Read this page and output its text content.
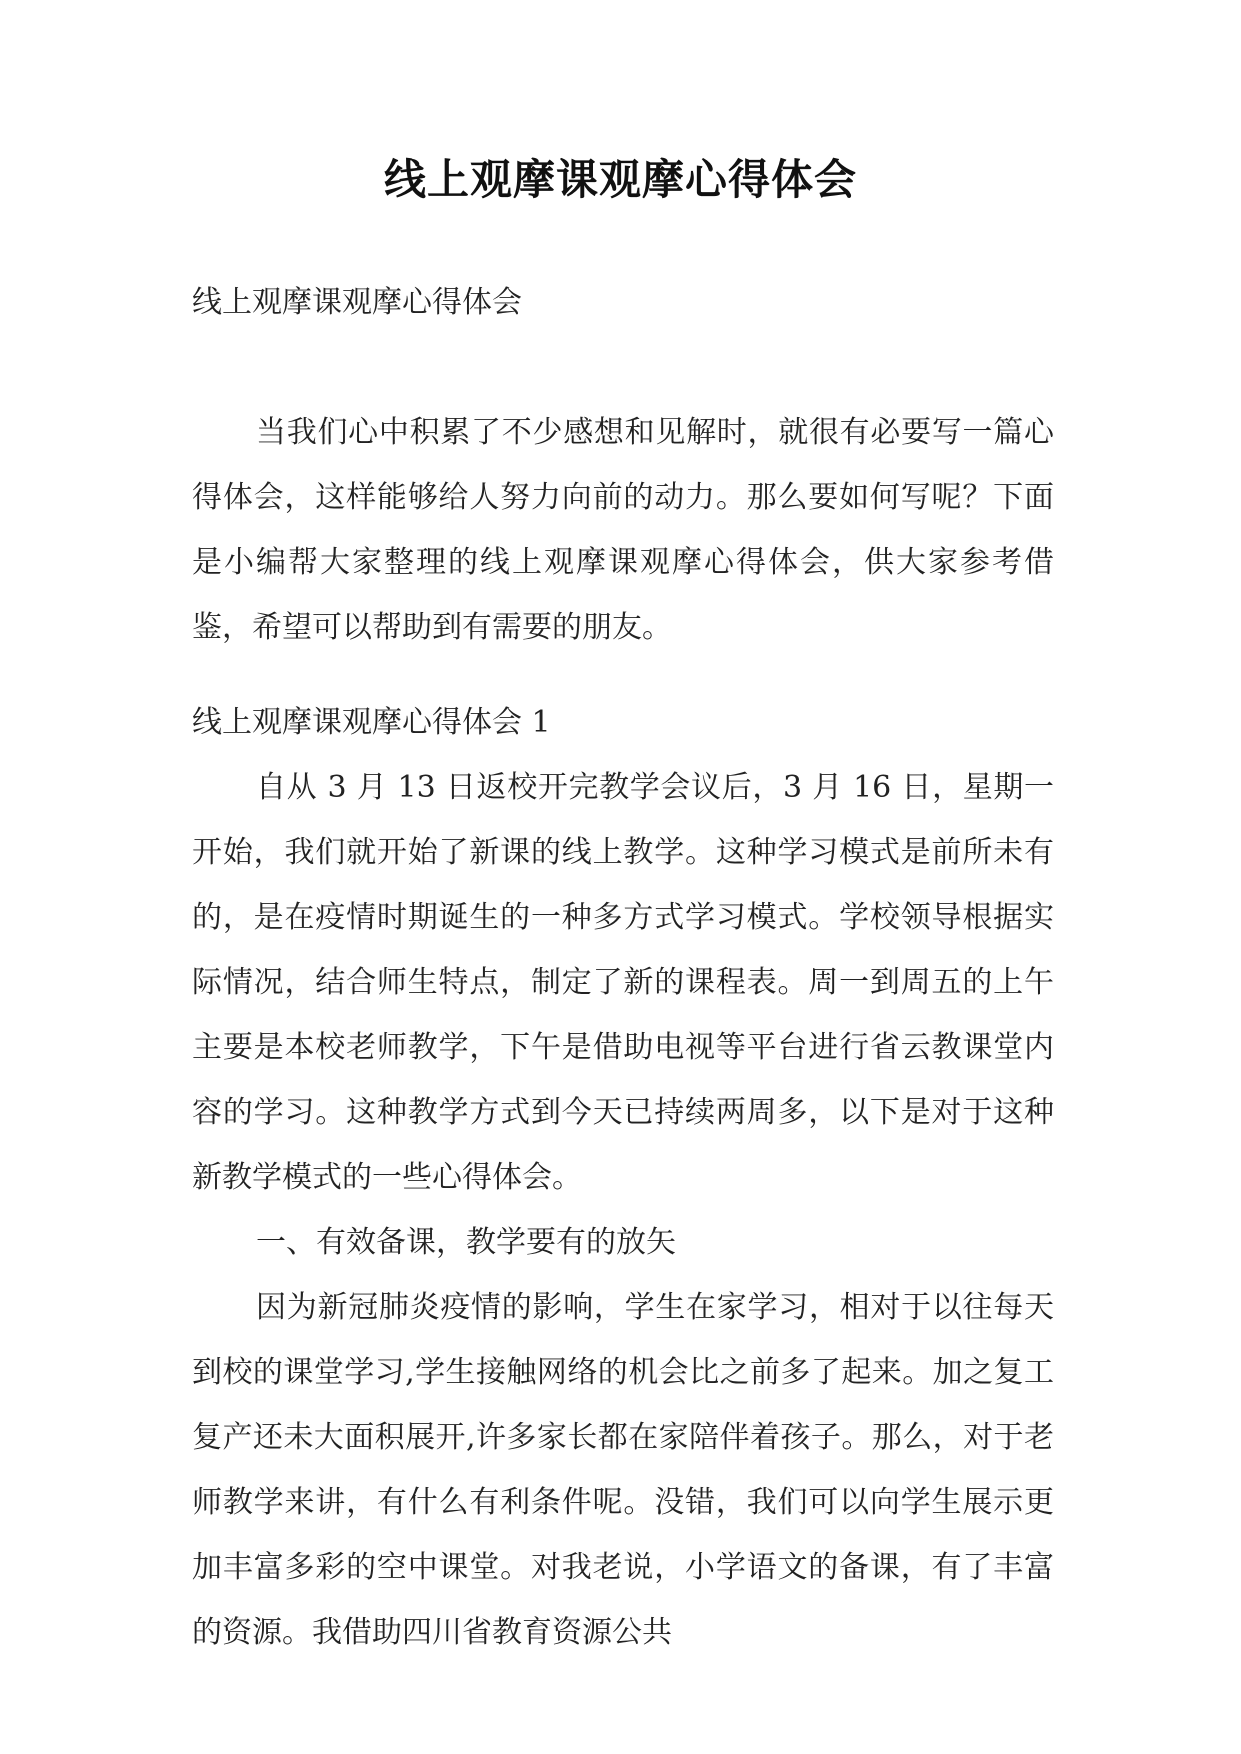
线上观摩课观摩心得体会

线上观摩课观摩心得体会

当我们心中积累了不少感想和见解时，就很有必要写一篇心得体会，这样能够给人努力向前的动力。那么要如何写呢？下面是小编帮大家整理的线上观摩课观摩心得体会，供大家参考借鉴，希望可以帮助到有需要的朋友。

线上观摩课观摩心得体会 1

自从 3 月 13 日返校开完教学会议后，3 月 16 日，星期一开始，我们就开始了新课的线上教学。这种学习模式是前所未有的，是在疫情时期诞生的一种多方式学习模式。学校领导根据实际情况，结合师生特点，制定了新的课程表。周一到周五的上午主要是本校老师教学，下午是借助电视等平台进行省云教课堂内容的学习。这种教学方式到今天已持续两周多，以下是对于这种新教学模式的一些心得体会。

一、有效备课，教学要有的放矢

因为新冠肺炎疫情的影响，学生在家学习，相对于以往每天到校的课堂学习,学生接触网络的机会比之前多了起来。加之复工复产还未大面积展开,许多家长都在家陪伴着孩子。那么，对于老师教学来讲，有什么有利条件呢。没错，我们可以向学生展示更加丰富多彩的空中课堂。对我老说，小学语文的备课，有了丰富的资源。我借助四川省教育资源公共
